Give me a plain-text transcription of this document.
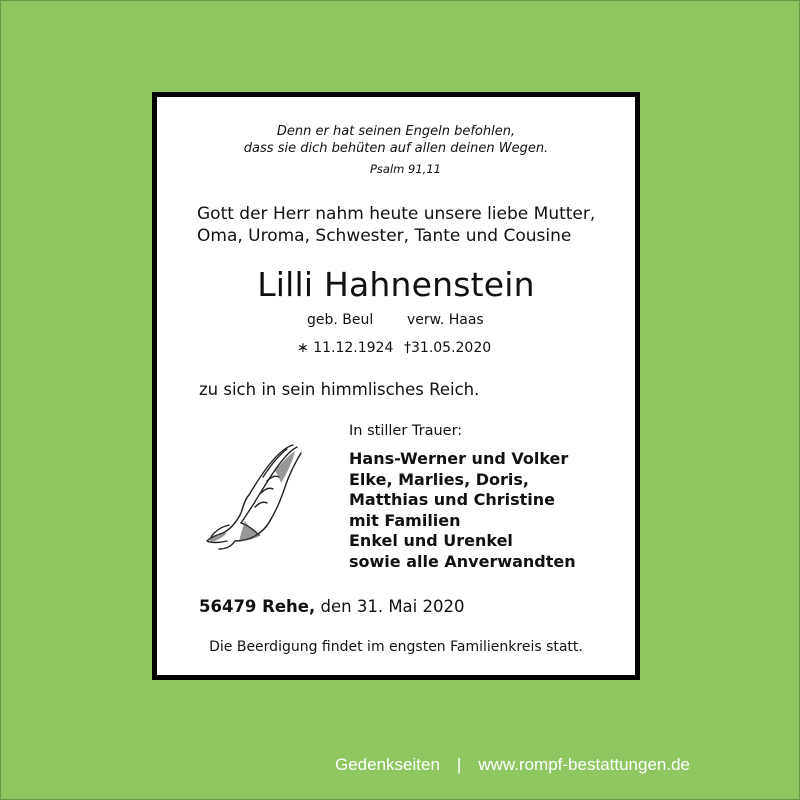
Denn er hat seinen Engeln befohlen,
dass sie dich behüten auf allen deinen Wegen.
Psalm 91,11
Gott der Herr nahm heute unsere liebe Mutter,
Oma, Uroma, Schwester, Tante und Cousine
Lilli Hahnenstein
geb. Beul verw. Haas
∗ 11.12.1924 †31.05.2020
zu sich in sein himmlisches Reich.
In stiller Trauer:
Hans-Werner und Volker
Elke, Marlies, Doris,
Matthias und Christine
mit Familien
Enkel und Urenkel
sowie alle Anverwandten
56479 Rehe, den 31. Mai 2020
Die Beerdigung findet im engsten Familienkreis statt.
Gedenkseiten | www.rompf-bestattungen.de
